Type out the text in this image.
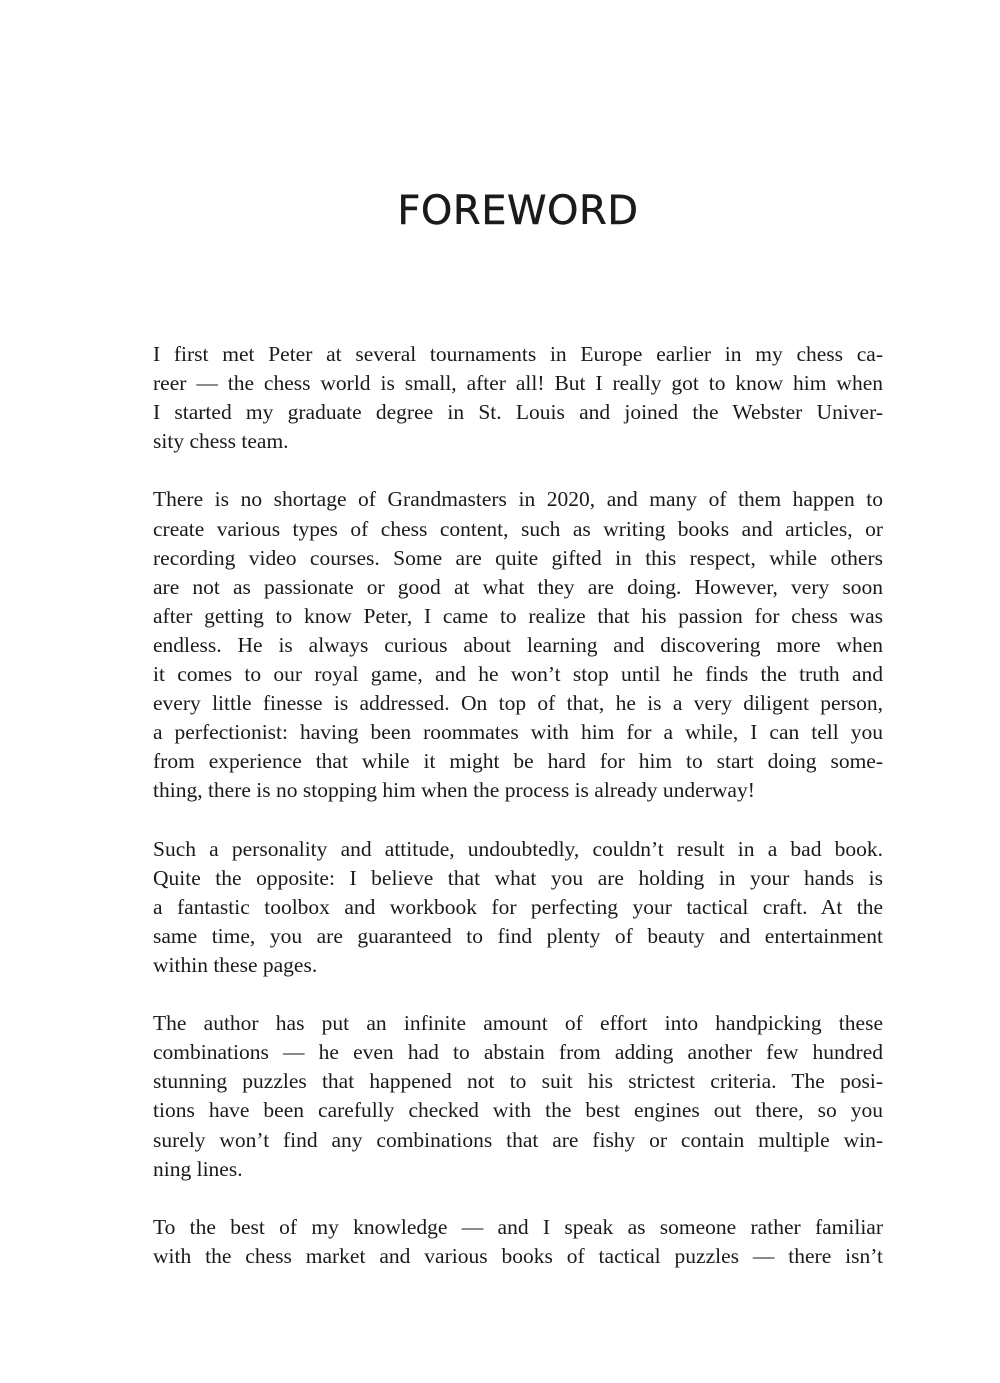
FOREWORD

I first met Peter at several tournaments in Europe earlier in my chess ca-
reer — the chess world is small, after all! But I really got to know him when
I started my graduate degree in St. Louis and joined the Webster Univer-
sity chess team.

There is no shortage of Grandmasters in 2020, and many of them happen to
create various types of chess content, such as writing books and articles, or
recording video courses. Some are quite gifted in this respect, while others
are not as passionate or good at what they are doing. However, very soon
after getting to know Peter, I came to realize that his passion for chess was
endless. He is always curious about learning and discovering more when
it comes to our royal game, and he won’t stop until he finds the truth and
every little finesse is addressed. On top of that, he is a very diligent person,
a perfectionist: having been roommates with him for a while, I can tell you
from experience that while it might be hard for him to start doing some-
thing, there is no stopping him when the process is already underway!

Such a personality and attitude, undoubtedly, couldn’t result in a bad book.
Quite the opposite: I believe that what you are holding in your hands is
a fantastic toolbox and workbook for perfecting your tactical craft. At the
same time, you are guaranteed to find plenty of beauty and entertainment
within these pages.

The author has put an infinite amount of effort into handpicking these
combinations — he even had to abstain from adding another few hundred
stunning puzzles that happened not to suit his strictest criteria. The posi-
tions have been carefully checked with the best engines out there, so you
surely won’t find any combinations that are fishy or contain multiple win-
ning lines.

To the best of my knowledge — and I speak as someone rather familiar
with the chess market and various books of tactical puzzles — there isn’t
